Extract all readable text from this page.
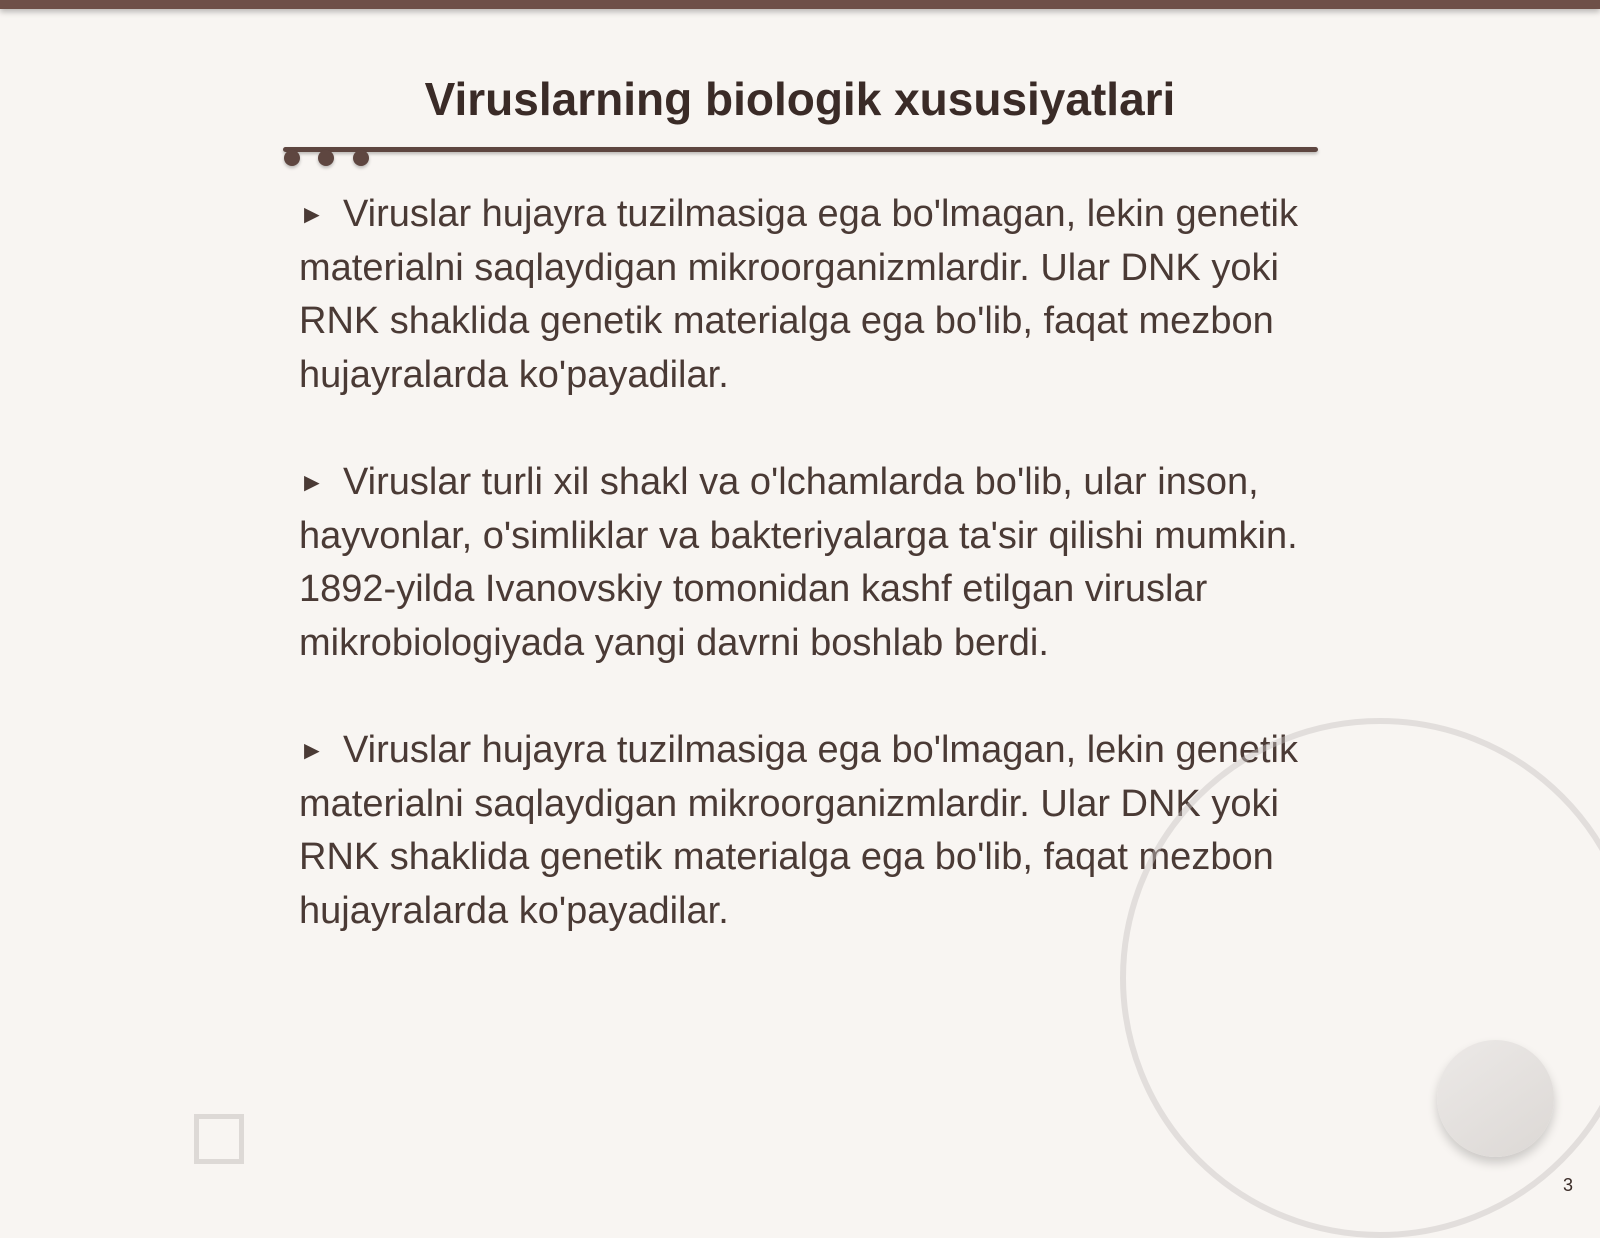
Viruslarning biologik xususiyatlari

► Viruslar hujayra tuzilmasiga ega bo'lmagan, lekin genetik materialni saqlaydigan mikroorganizmlardir. Ular DNK yoki RNK shaklida genetik materialga ega bo'lib, faqat mezbon hujayralarda ko'payadilar.

► Viruslar turli xil shakl va o'lchamlarda bo'lib, ular inson, hayvonlar, o'simliklar va bakteriyalarga ta'sir qilishi mumkin. 1892-yilda Ivanovskiy tomonidan kashf etilgan viruslar mikrobiologiyada yangi davrni boshlab berdi.

► Viruslar hujayra tuzilmasiga ega bo'lmagan, lekin genetik materialni saqlaydigan mikroorganizmlardir. Ular DNK yoki RNK shaklida genetik materialga ega bo'lib, faqat mezbon hujayralarda ko'payadilar.

3
